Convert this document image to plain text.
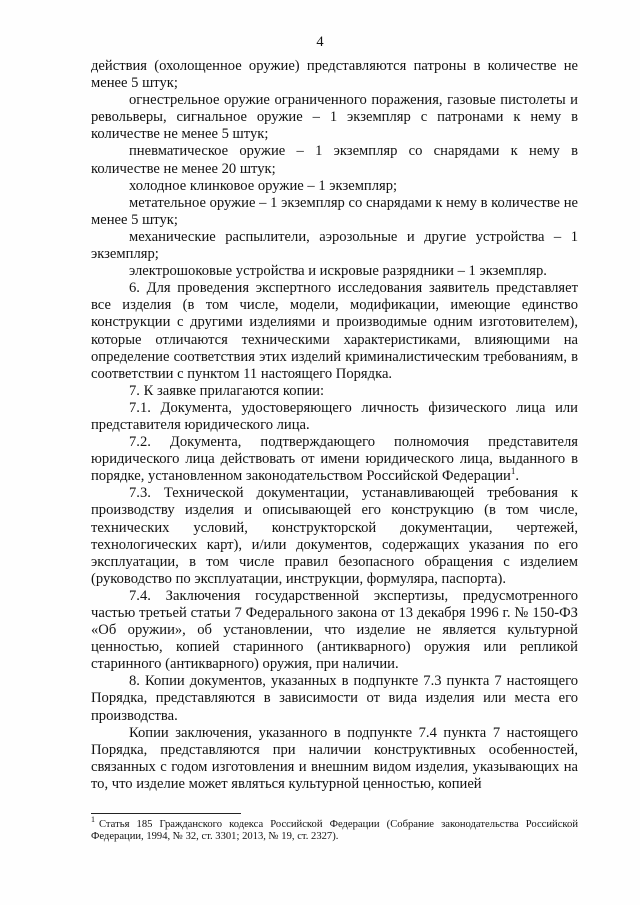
4

действия (охолощенное оружие) представляются патроны в количестве не менее 5 штук;

огнестрельное оружие ограниченного поражения, газовые пистолеты и револьверы, сигнальное оружие – 1 экземпляр с патронами к нему в количестве не менее 5 штук;

пневматическое оружие – 1 экземпляр со снарядами к нему в количестве не менее 20 штук;

холодное клинковое оружие – 1 экземпляр;

метательное оружие – 1 экземпляр со снарядами к нему в количестве не менее 5 штук;

механические распылители, аэрозольные и другие устройства – 1 экземпляр;

электрошоковые устройства и искровые разрядники – 1 экземпляр.

6. Для проведения экспертного исследования заявитель представляет все изделия (в том числе, модели, модификации, имеющие единство конструкции с другими изделиями и производимые одним изготовителем), которые отличаются техническими характеристиками, влияющими на определение соответствия этих изделий криминалистическим требованиям, в соответствии с пунктом 11 настоящего Порядка.

7. К заявке прилагаются копии:

7.1. Документа, удостоверяющего личность физического лица или представителя юридического лица.

7.2. Документа, подтверждающего полномочия представителя юридического лица действовать от имени юридического лица, выданного в порядке, установленном законодательством Российской Федерации$^1$.

7.3. Технической документации, устанавливающей требования к производству изделия и описывающей его конструкцию (в том числе, технических условий, конструкторской документации, чертежей, технологических карт), и/или документов, содержащих указания по его эксплуатации, в том числе правил безопасного обращения с изделием (руководство по эксплуатации, инструкции, формуляра, паспорта).

7.4. Заключения государственной экспертизы, предусмотренного частью третьей статьи 7 Федерального закона от 13 декабря 1996 г. № 150-ФЗ «Об оружии», об установлении, что изделие не является культурной ценностью, копией старинного (антикварного) оружия или репликой старинного (антикварного) оружия, при наличии.

8. Копии документов, указанных в подпункте 7.3 пункта 7 настоящего Порядка, представляются в зависимости от вида изделия или места его производства.

Копии заключения, указанного в подпункте 7.4 пункта 7 настоящего Порядка, представляются при наличии конструктивных особенностей, связанных с годом изготовления и внешним видом изделия, указывающих на то, что изделие может являться культурной ценностью, копией

$^1$ Статья 185 Гражданского кодекса Российской Федерации (Собрание законодательства Российской Федерации, 1994, № 32, ст. 3301; 2013, № 19, ст. 2327).
